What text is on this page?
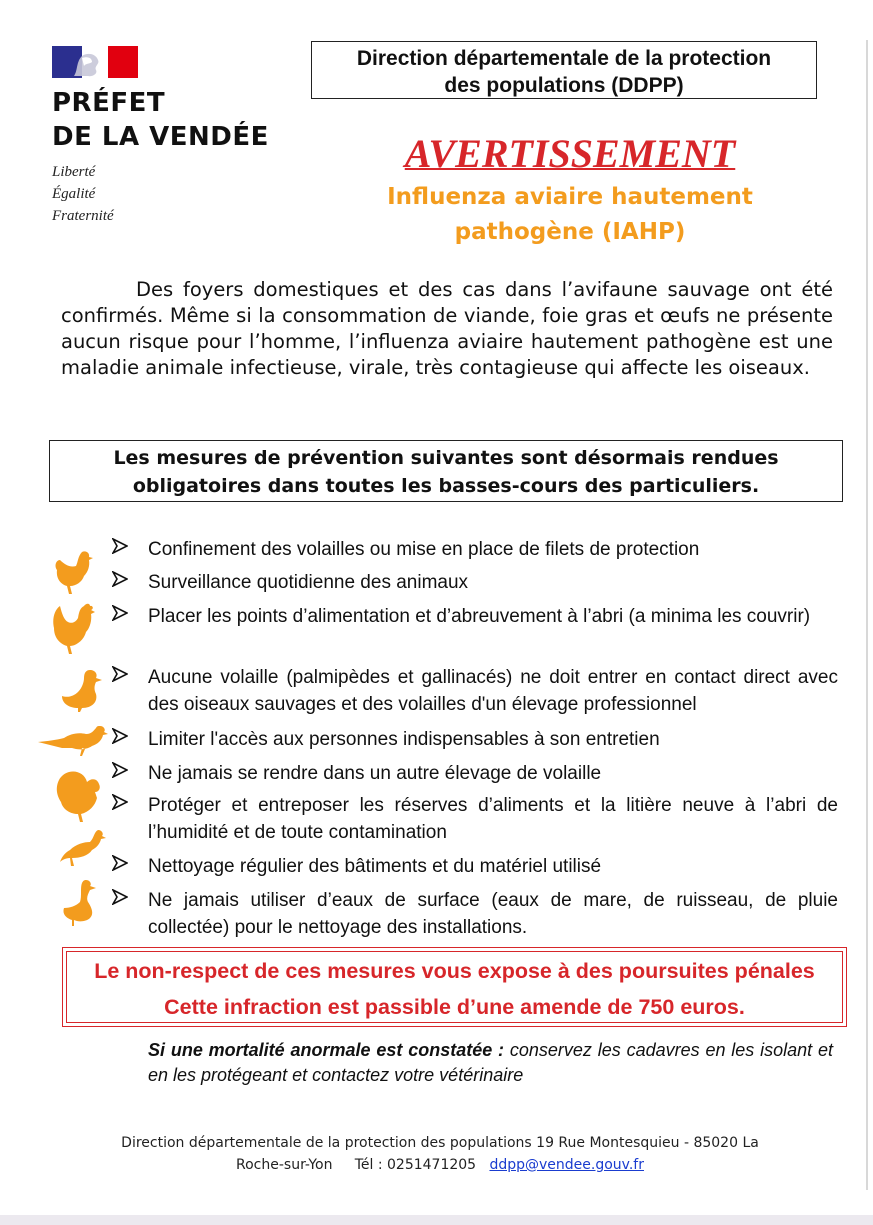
PRÉFET
DE LA VENDÉE
Liberté
Égalité
Fraternité
Direction départementale de la protection
des populations (DDPP)
AVERTISSEMENT
Influenza aviaire hautement
pathogène (IAHP)

Des foyers domestiques et des cas dans l’avifaune sauvage ont été confirmés. Même si la consommation de viande, foie gras et œufs ne présente aucun risque pour l’homme, l’influenza aviaire hautement pathogène est une maladie animale infectieuse, virale, très contagieuse qui affecte les oiseaux.

Les mesures de prévention suivantes sont désormais rendues
obligatoires dans toutes les basses-cours des particuliers.
Confinement des volailles ou mise en place de filets de protection
Surveillance quotidienne des animaux
Placer les points d’alimentation et d’abreuvement à l’abri (a minima les couvrir)
Aucune volaille (palmipèdes et gallinacés) ne doit entrer en contact direct avec des oiseaux sauvages et des volailles d'un élevage professionnel
Limiter l'accès aux personnes indispensables à son entretien
Ne jamais se rendre dans un autre élevage de volaille
Protéger et entreposer les réserves d’aliments et la litière neuve à l’abri de l’humidité et de toute contamination
Nettoyage régulier des bâtiments et du matériel utilisé
Ne jamais utiliser d’eaux de surface (eaux de mare, de ruisseau, de pluie collectée) pour le nettoyage des installations.
Le non-respect de ces mesures vous expose à des poursuites pénales
Cette infraction est passible d’une amende de 750 euros.

Si une mortalité anormale est constatée : conservez les cadavres en les isolant et en les protégeant et contactez votre vétérinaire

Direction départementale de la protection des populations 19 Rue Montesquieu - 85020 La
Roche-sur-Yon Tél : 0251471205 ddpp@vendee.gouv.fr
